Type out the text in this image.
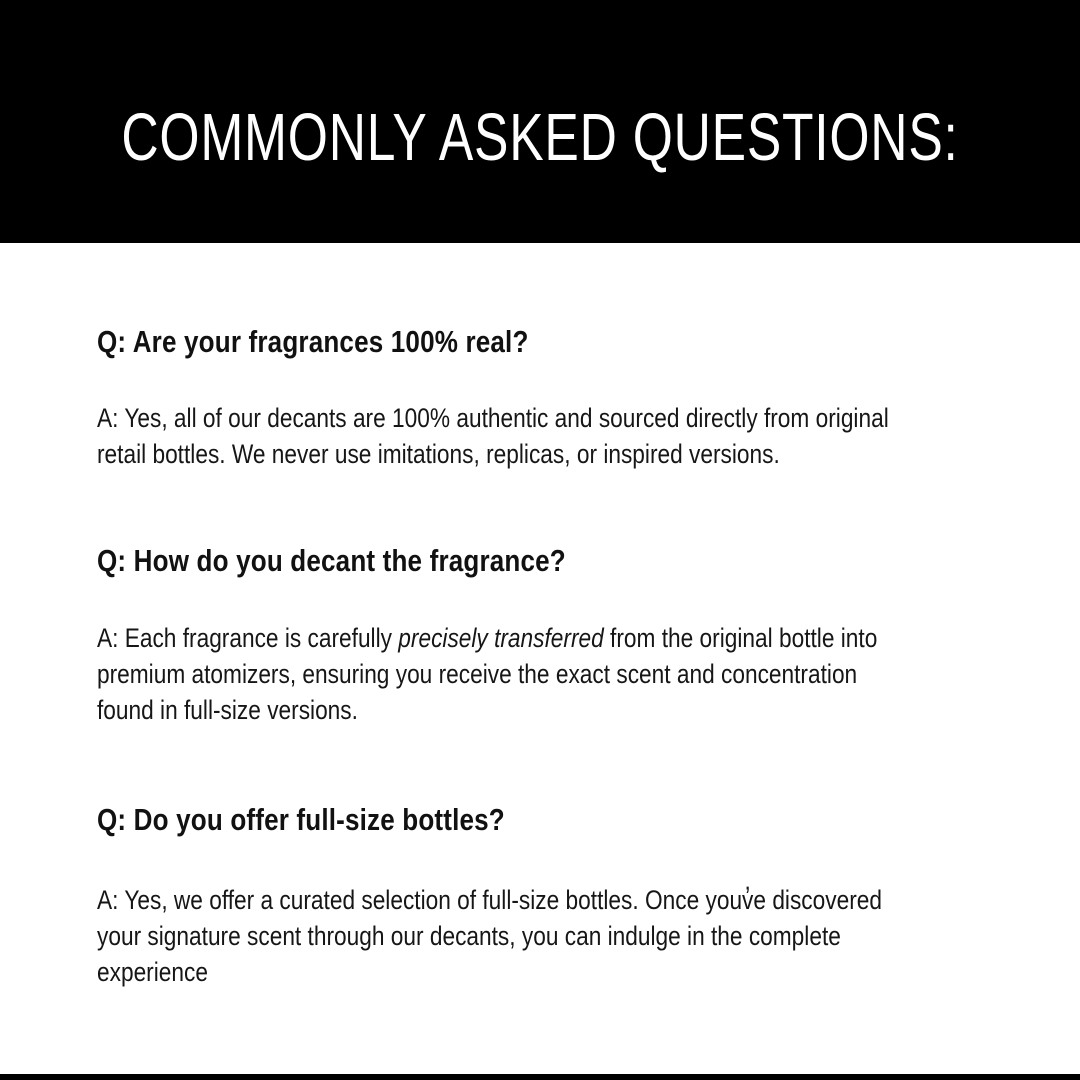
COMMONLY ASKED QUESTIONS:
Q: Are your fragrances 100% real?

A: Yes, all of our decants are 100% authentic and sourced directly from original

retail bottles. We never use imitations, replicas, or inspired versions.

Q: How do you decant the fragrance?

A: Each fragrance is carefully precisely transferred from the original bottle into

premium atomizers, ensuring you receive the exact scent and concentration

found in full-size versions.

Q: Do you offer full-size bottles?

A: Yes, we offer a curated selection of full-size bottles. Once youv̓e discovered

your signature scent through our decants, you can indulge in the complete

experience
